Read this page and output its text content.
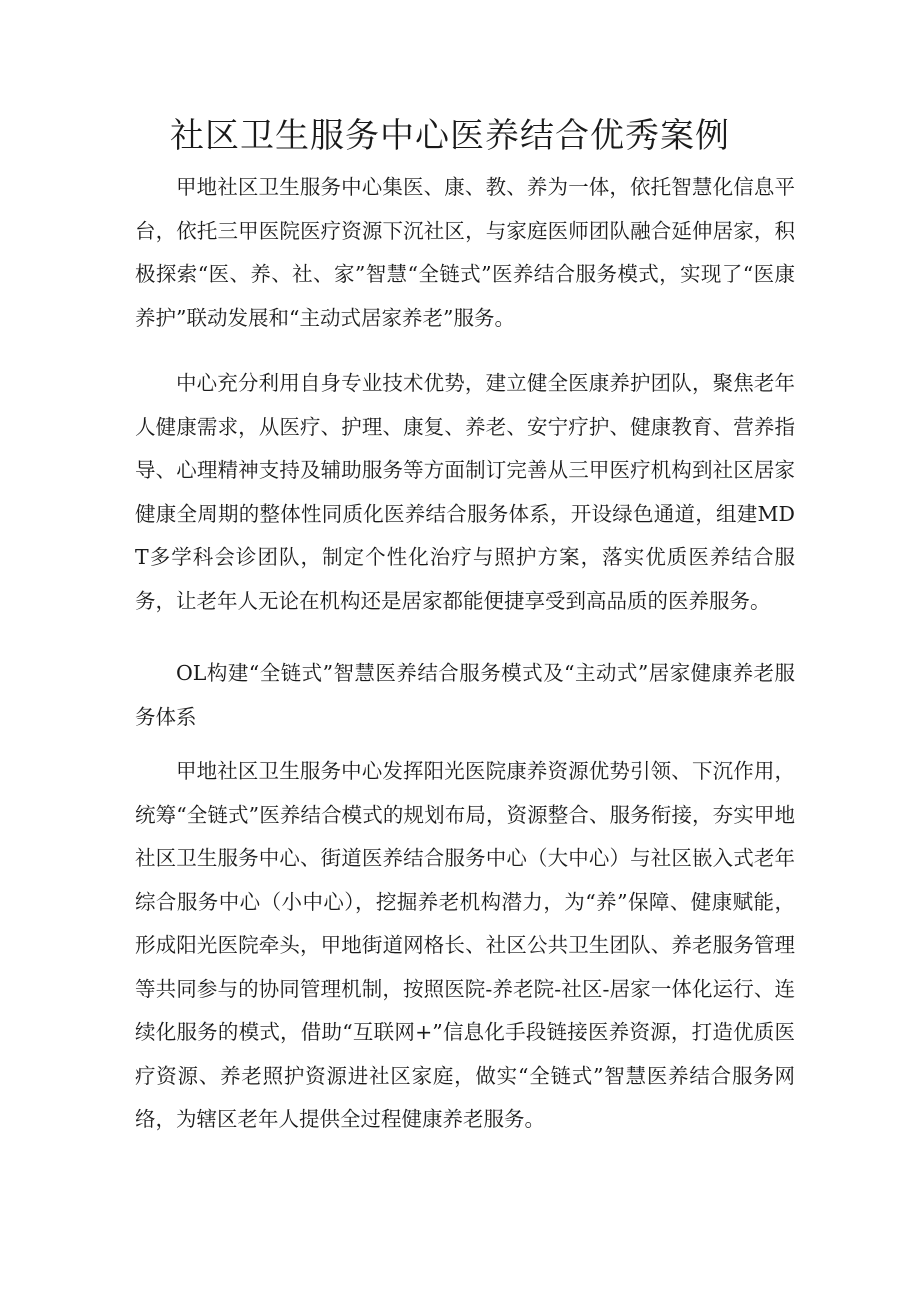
社区卫生服务中心医养结合优秀案例

甲地社区卫生服务中心集医、康、教、养为一体，依托智慧化信息平台，依托三甲医院医疗资源下沉社区，与家庭医师团队融合延伸居家，积极探索“医、养、社、家”智慧“全链式”医养结合服务模式，实现了“医康养护”联动发展和“主动式居家养老”服务。

中心充分利用自身专业技术优势，建立健全医康养护团队，聚焦老年人健康需求，从医疗、护理、康复、养老、安宁疗护、健康教育、营养指导、心理精神支持及辅助服务等方面制订完善从三甲医疗机构到社区居家健康全周期的整体性同质化医养结合服务体系，开设绿色通道，组建MDT多学科会诊团队，制定个性化治疗与照护方案，落实优质医养结合服务，让老年人无论在机构还是居家都能便捷享受到高品质的医养服务。

OL构建“全链式”智慧医养结合服务模式及“主动式”居家健康养老服务体系

甲地社区卫生服务中心发挥阳光医院康养资源优势引领、下沉作用，统筹“全链式”医养结合模式的规划布局，资源整合、服务衔接，夯实甲地社区卫生服务中心、街道医养结合服务中心（大中心）与社区嵌入式老年综合服务中心（小中心），挖掘养老机构潜力，为“养”保障、健康赋能，形成阳光医院牵头，甲地街道网格长、社区公共卫生团队、养老服务管理等共同参与的协同管理机制，按照医院-养老院-社区-居家一体化运行、连续化服务的模式，借助“互联网+”信息化手段链接医养资源，打造优质医疗资源、养老照护资源进社区家庭，做实“全链式”智慧医养结合服务网络，为辖区老年人提供全过程健康养老服务。
